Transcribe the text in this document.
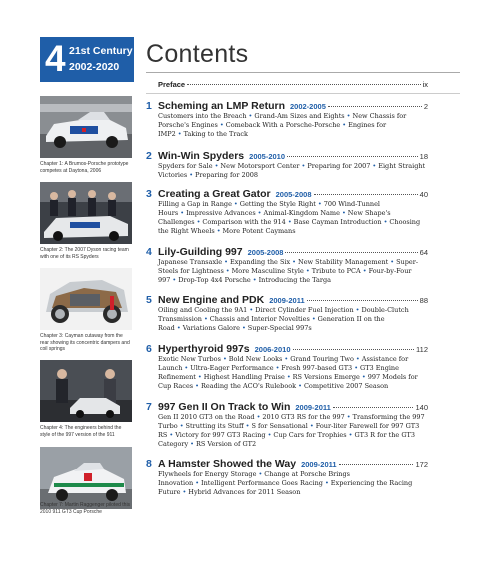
4 21st Century
2002-2020 Contents
Preface	ix
1 Scheming an LMP Return 2002-2005	2
Customers into the Breach • Grand-Am Sizes and Eights • New Chassis for Porsche's Engines • Comeback With a Porsche-Porsche • Engines for IMP2 • Taking to the Track
2 Win-Win Spyders 2005-2010	18
Spyders for Sale • New Motorsport Center • Preparing for 2007 • Eight Straight Victories • Preparing for 2008
3 Creating a Great Gator 2005-2008	40
Filling a Gap in Range • Getting the Style Right • 700 Wind-Tunnel Hours • Impressive Advances • Animal-Kingdom Name • New Shape's Challenges • Comparison with the 914 • Base Cayman Introduction • Choosing the Right Wheels • More Potent Caymans
4 Lily-Guilding 997 2005-2008	64
Japanese Transaxle • Expanding the Six • New Stability Management • Super-Steels for Lightness • More Masculine Style • Tribute to PCA • Four-by-Four 997 • Drop-Top 4x4 Porsche • Introducing the Targa
5 New Engine and PDK 2009-2011	88
Oiling and Cooling the 9A1 • Direct Cylinder Fuel Injection • Double-Clutch Transmission • Chassis and Interior Novelties • Generation II on the Road • Variations Galore • Super-Special 997s
6 Hyperthyroid 997s 2006-2010	112
Exotic New Turbos • Bold New Looks • Grand Touring Two • Assistance for Launch • Ultra-Eager Performance • Fresh 997-based GT3 • GT3 Engine Refinement • Highest Handling Praise • RS Versions Emerge • 997 Models for Cup Races • Reading the ACO's Rulebook • Competitive 2007 Season
7 997 Gen II On Track to Win 2009-2011	140
Gen II 2010 GT3 on the Road • 2010 GT3 RS for the 997 • Transforming the 997 Turbo • Strutting its Stuff • S for Sensational • Four-liter Farewell for 997 GT3 RS • Victory for 997 GT3 Racing • Cup Cars for Trophies • GT3 R for the GT3 Category • RS Version of GT2
8 A Hamster Showed the Way 2009-2011	172
Flywheels for Energy Storage • Change at Porsche Brings Innovation • Intelligent Performance Goes Racing • Experiencing the Racing Future • Hybrid Advances for 2011 Season
Chapter 1: A Brumos-Porsche prototype competes at Daytona, 2006
Chapter 2: The 2007 Dyson racing team with one of its RS Spyders
Chapter 3: Cayman cutaway from the rear showing its concentric dampers and coil springs
Chapter 4: The engineers behind the style of the 997 version of the 911
Chapter 7: Martin Raggenger piloted this 2010 911 GT3 Cup Porsche
